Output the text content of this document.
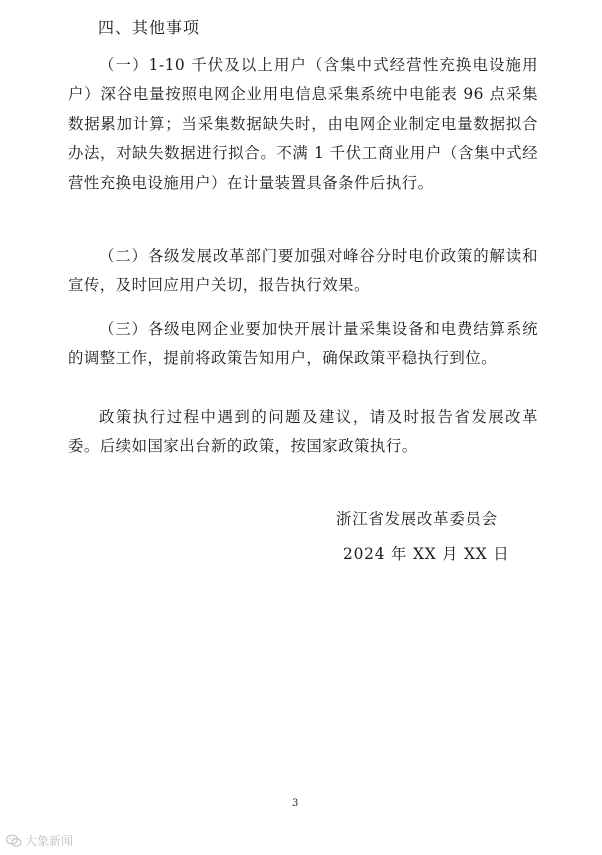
四、其他事项

（一）1-10 千伏及以上用户（含集中式经营性充换电设施用户）深谷电量按照电网企业用电信息采集系统中电能表 96 点采集数据累加计算；当采集数据缺失时，由电网企业制定电量数据拟合办法，对缺失数据进行拟合。不满 1 千伏工商业用户（含集中式经营性充换电设施用户）在计量装置具备条件后执行。

（二）各级发展改革部门要加强对峰谷分时电价政策的解读和宣传，及时回应用户关切，报告执行效果。

（三）各级电网企业要加快开展计量采集设备和电费结算系统的调整工作，提前将政策告知用户，确保政策平稳执行到位。

政策执行过程中遇到的问题及建议，请及时报告省发展改革委。后续如国家出台新的政策，按国家政策执行。

浙江省发展改革委员会
2024 年 XX 月 XX 日
3
大象新闻
